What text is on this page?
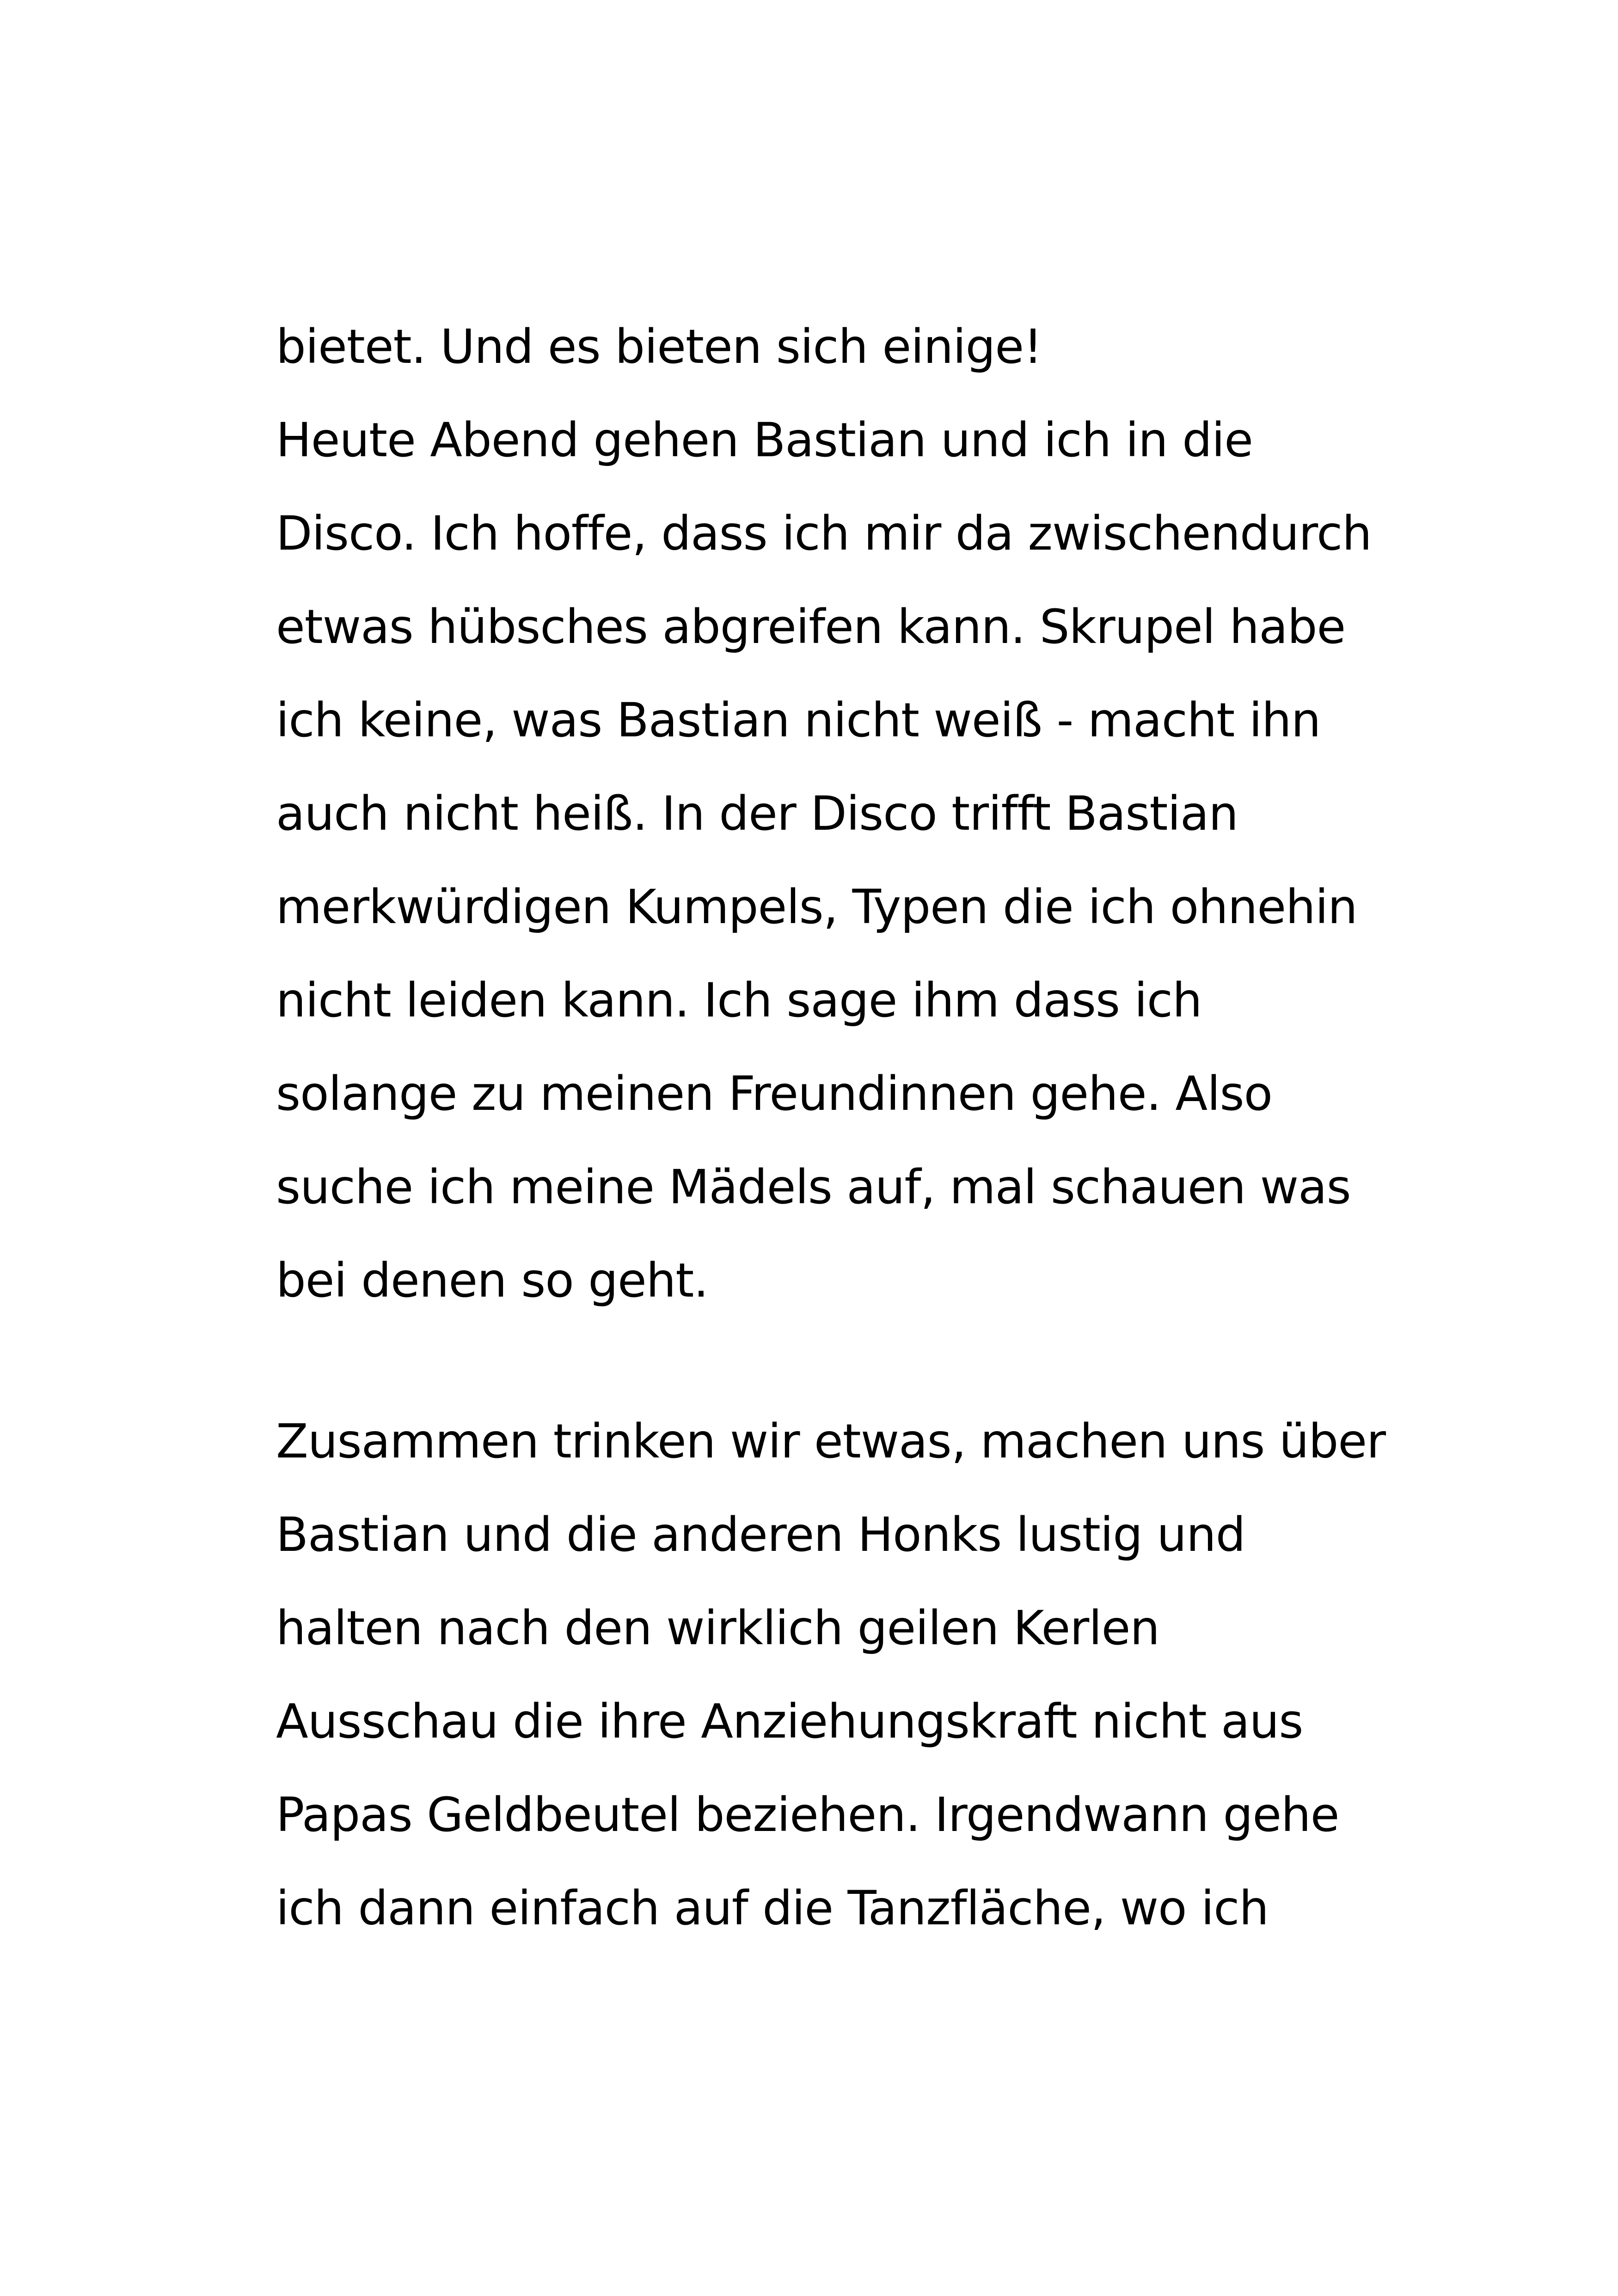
bietet. Und es bieten sich einige!
Heute Abend gehen Bastian und ich in die
Disco. Ich hoffe, dass ich mir da zwischendurch
etwas hübsches abgreifen kann. Skrupel habe
ich keine, was Bastian nicht weiß - macht ihn
auch nicht heiß. In der Disco trifft Bastian
merkwürdigen Kumpels, Typen die ich ohnehin
nicht leiden kann. Ich sage ihm dass ich
solange zu meinen Freundinnen gehe. Also
suche ich meine Mädels auf, mal schauen was
bei denen so geht.
Zusammen trinken wir etwas, machen uns über
Bastian und die anderen Honks lustig und
halten nach den wirklich geilen Kerlen
Ausschau die ihre Anziehungskraft nicht aus
Papas Geldbeutel beziehen. Irgendwann gehe
ich dann einfach auf die Tanzfläche, wo ich
